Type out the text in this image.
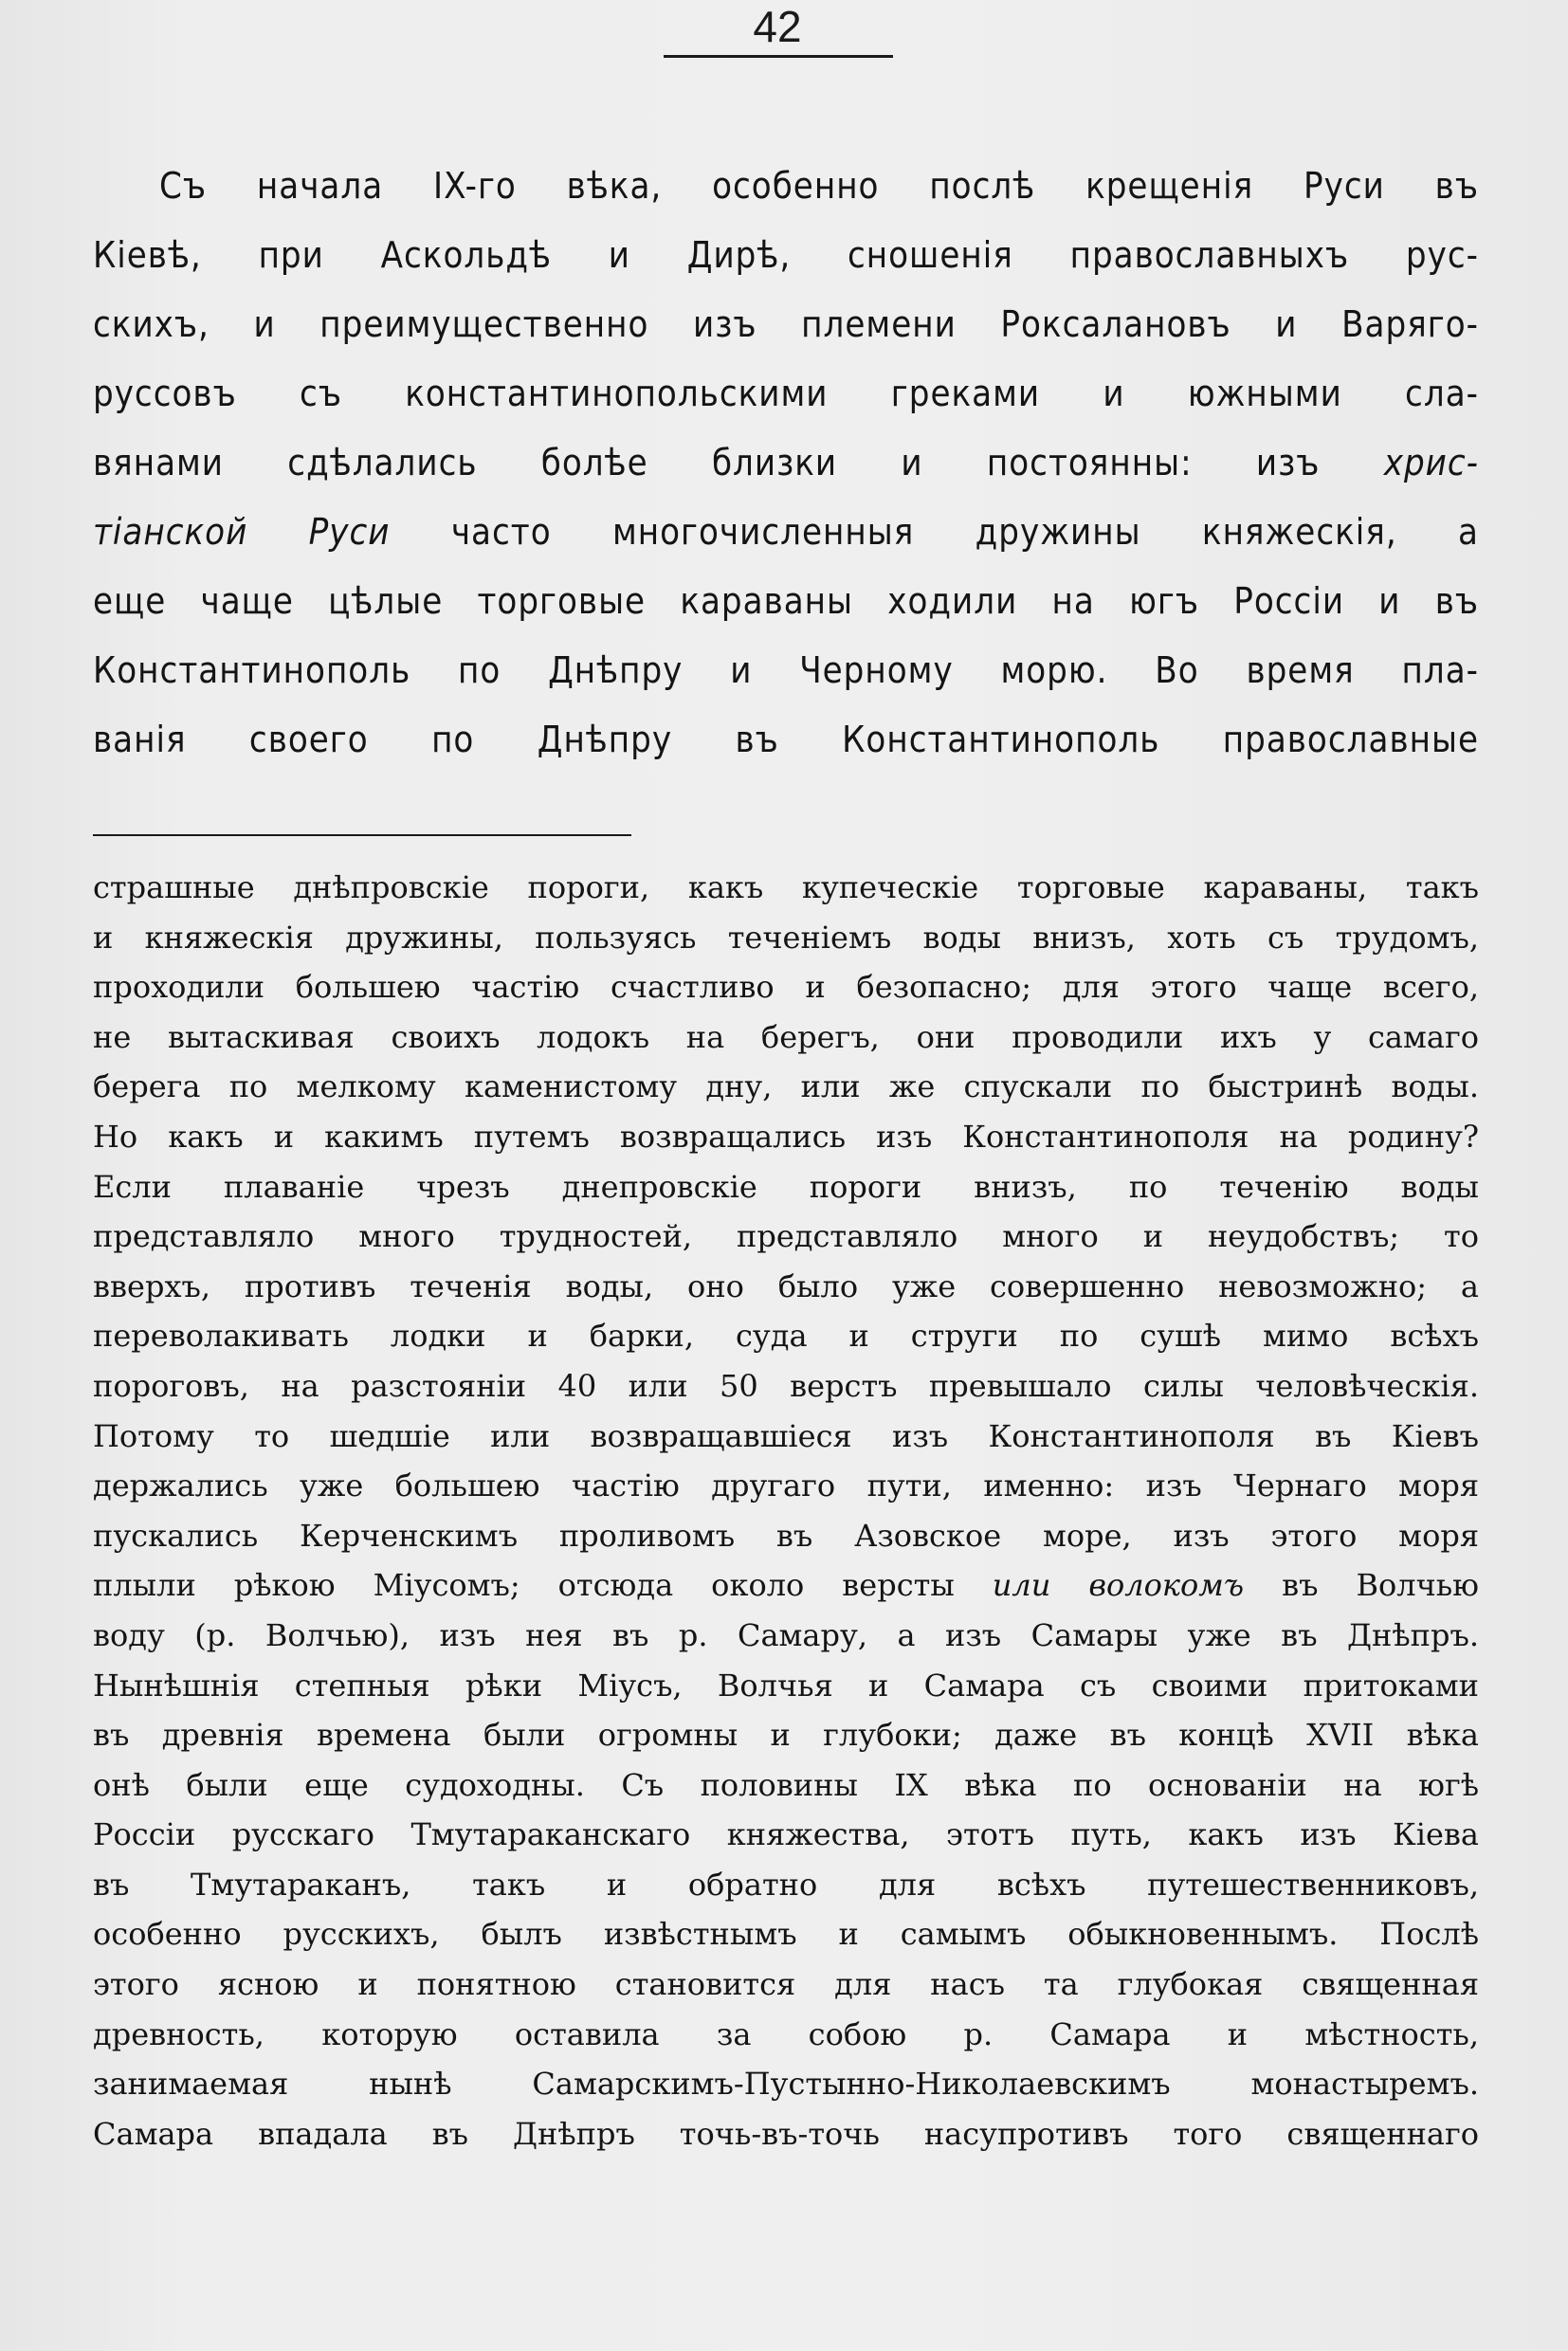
42
Съ начала IX-го вѣка, особенно послѣ крещенія Руси въ
Кіевѣ, при Аскольдѣ и Дирѣ, сношенія православныхъ рус-
скихъ, и преимущественно изъ племени Роксалановъ и Варяго-
руссовъ съ константинопольскими греками и южными сла-
вянами сдѣлались болѣе близки и постоянны: изъ хрис-
тіанской Руси часто многочисленныя дружины княжескія, а
еще чаще цѣлые торговые караваны ходили на югъ Россіи и въ
Константинополь по Днѣпру и Черному морю. Во время пла-
ванія своего по Днѣпру въ Константинополь православные
страшные днѣпровскіе пороги, какъ купеческіе торговые караваны, такъ
и княжескія дружины, пользуясь теченіемъ воды внизъ, хоть съ трудомъ,
проходили большею частію счастливо и безопасно; для этого чаще всего,
не вытаскивая своихъ лодокъ на берегъ, они проводили ихъ у самаго
берега по мелкому каменистому дну, или же спускали по быстринѣ воды.
Но какъ и какимъ путемъ возвращались изъ Константинополя на родину?
Если плаваніе чрезъ днепровскіе пороги внизъ, по теченію воды
представляло много трудностей, представляло много и неудобствъ; то
вверхъ, противъ теченія воды, оно было уже совершенно невозможно; а
переволакивать лодки и барки, суда и струги по сушѣ мимо всѣхъ
пороговъ, на разстояніи 40 или 50 верстъ превышало силы человѣческія.
Потому то шедшіе или возвращавшіеся изъ Константинополя въ Кіевъ
держались уже большею частію другаго пути, именно: изъ Чернаго моря
пускались Керченскимъ проливомъ въ Азовское море, изъ этого моря
плыли рѣкою Міусомъ; отсюда около версты или волокомъ въ Волчью
воду (р. Волчью), изъ нея въ р. Самару, а изъ Самары уже въ Днѣпръ.
Нынѣшнія степныя рѣки Міусъ, Волчья и Самара съ своими притоками
въ древнія времена были огромны и глубоки; даже въ концѣ XVII вѣка
онѣ были еще судоходны. Съ половины IX вѣка по основаніи на югѣ
Россіи русскаго Тмутараканскаго княжества, этотъ путь, какъ изъ Кіева
въ Тмутараканъ, такъ и обратно для всѣхъ путешественниковъ,
особенно русскихъ, былъ извѣстнымъ и самымъ обыкновеннымъ. Послѣ
этого ясною и понятною становится для насъ та глубокая священная
древность, которую оставила за собою р. Самара и мѣстность,
занимаемая нынѣ Самарскимъ-Пустынно-Николаевскимъ монастыремъ.
Самара впадала въ Днѣпръ точь-въ-точь насупротивъ того священнаго
